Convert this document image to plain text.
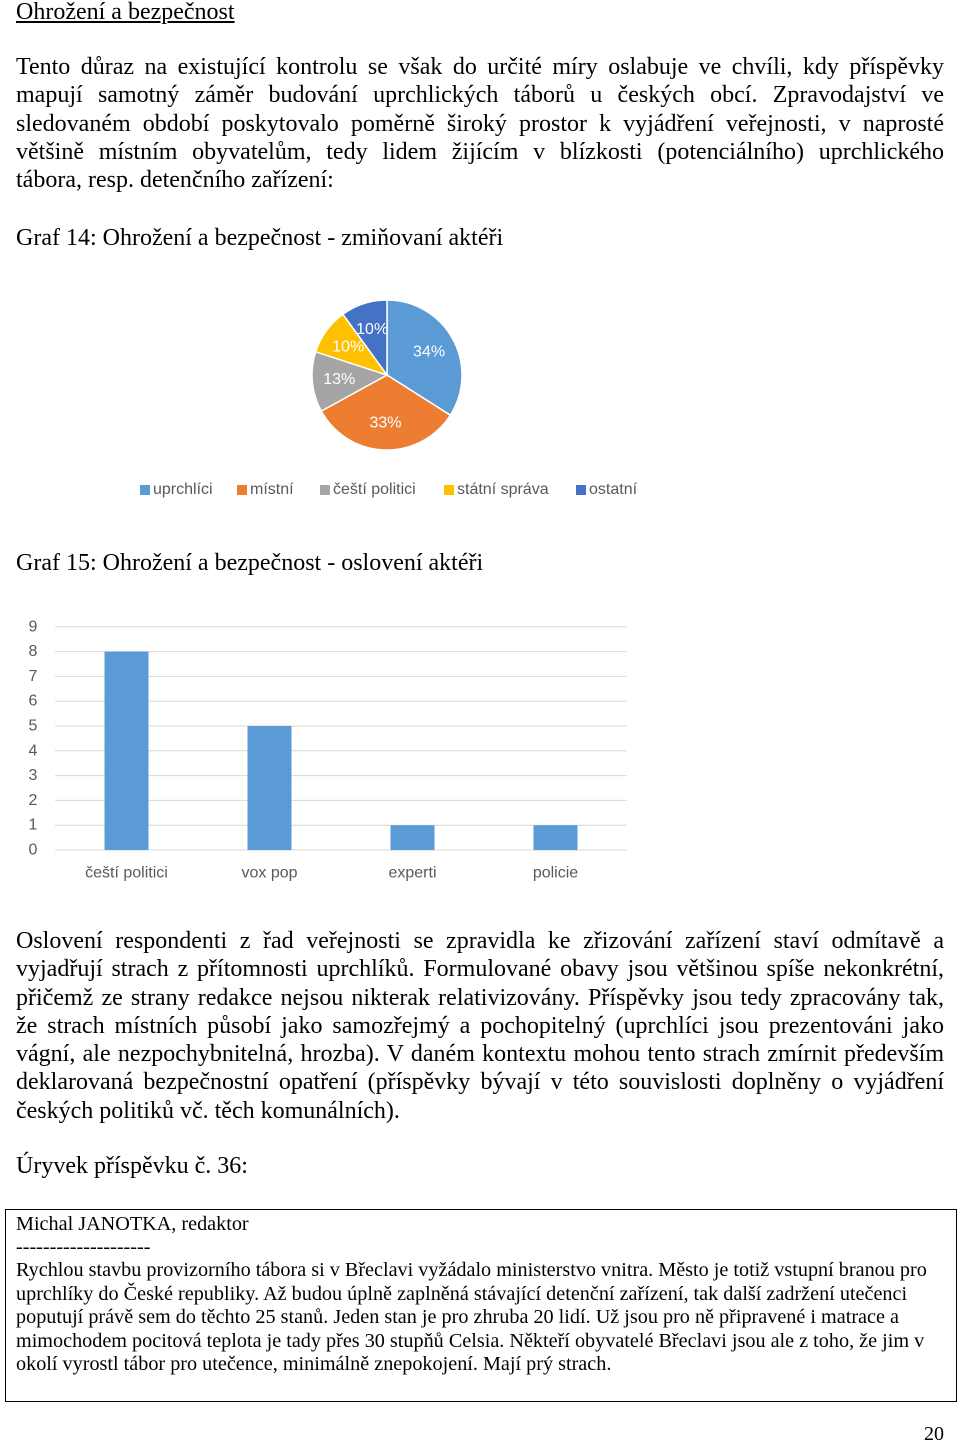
Ohrožení a bezpečnost
Tento důraz na existující kontrolu se však do určité míry oslabuje ve chvíli, kdy příspěvky
mapují samotný záměr budování uprchlických táborů u českých obcí. Zpravodajství ve
sledovaném období poskytovalo poměrně široký prostor k vyjádření veřejnosti, v naprosté
většině místním obyvatelům, tedy lidem žijícím v blízkosti (potenciálního) uprchlického
tábora, resp. detenčního zařízení:
Graf 14: Ohrožení a bezpečnost - zmiňovaní aktéři
34%
33%
13%
10%
10%
uprchlíci místní čeští politici	státní správa	ostatní
Graf 15: Ohrožení a bezpečnost - oslovení aktéři
0
1
2
3
4
5
6
7
8
9
čeští politici	vox pop	experti	policie
Oslovení respondenti z řad veřejnosti se zpravidla ke zřizování zařízení staví odmítavě a
vyjadřují strach z přítomnosti uprchlíků. Formulované obavy jsou většinou spíše nekonkrétní,
přičemž ze strany redakce nejsou nikterak relativizovány. Příspěvky jsou tedy zpracovány tak,
že strach místních působí jako samozřejmý a pochopitelný (uprchlíci jsou prezentováni jako
vágní, ale nezpochybnitelná, hrozba). V daném kontextu mohou tento strach zmírnit především
deklarovaná bezpečnostní opatření (příspěvky bývají v této souvislosti doplněny o vyjádření
českých politiků vč. těch komunálních).
Úryvek příspěvku č. 36:
Michal JANOTKA, redaktor
--------------------
Rychlou stavbu provizorního tábora si v Břeclavi vyžádalo ministerstvo vnitra. Město je totiž vstupní branou pro
uprchlíky do České republiky. Až budou úplně zaplněná stávající detenční zařízení, tak další zadržení utečenci
poputují právě sem do těchto 25 stanů. Jeden stan je pro zhruba 20 lidí. Už jsou pro ně připravené i matrace a
mimochodem pocitová teplota je tady přes 30 stupňů Celsia. Někteří obyvatelé Břeclavi jsou ale z toho, že jim v
okolí vyrostl tábor pro utečence, minimálně znepokojení. Mají prý strach.
20
